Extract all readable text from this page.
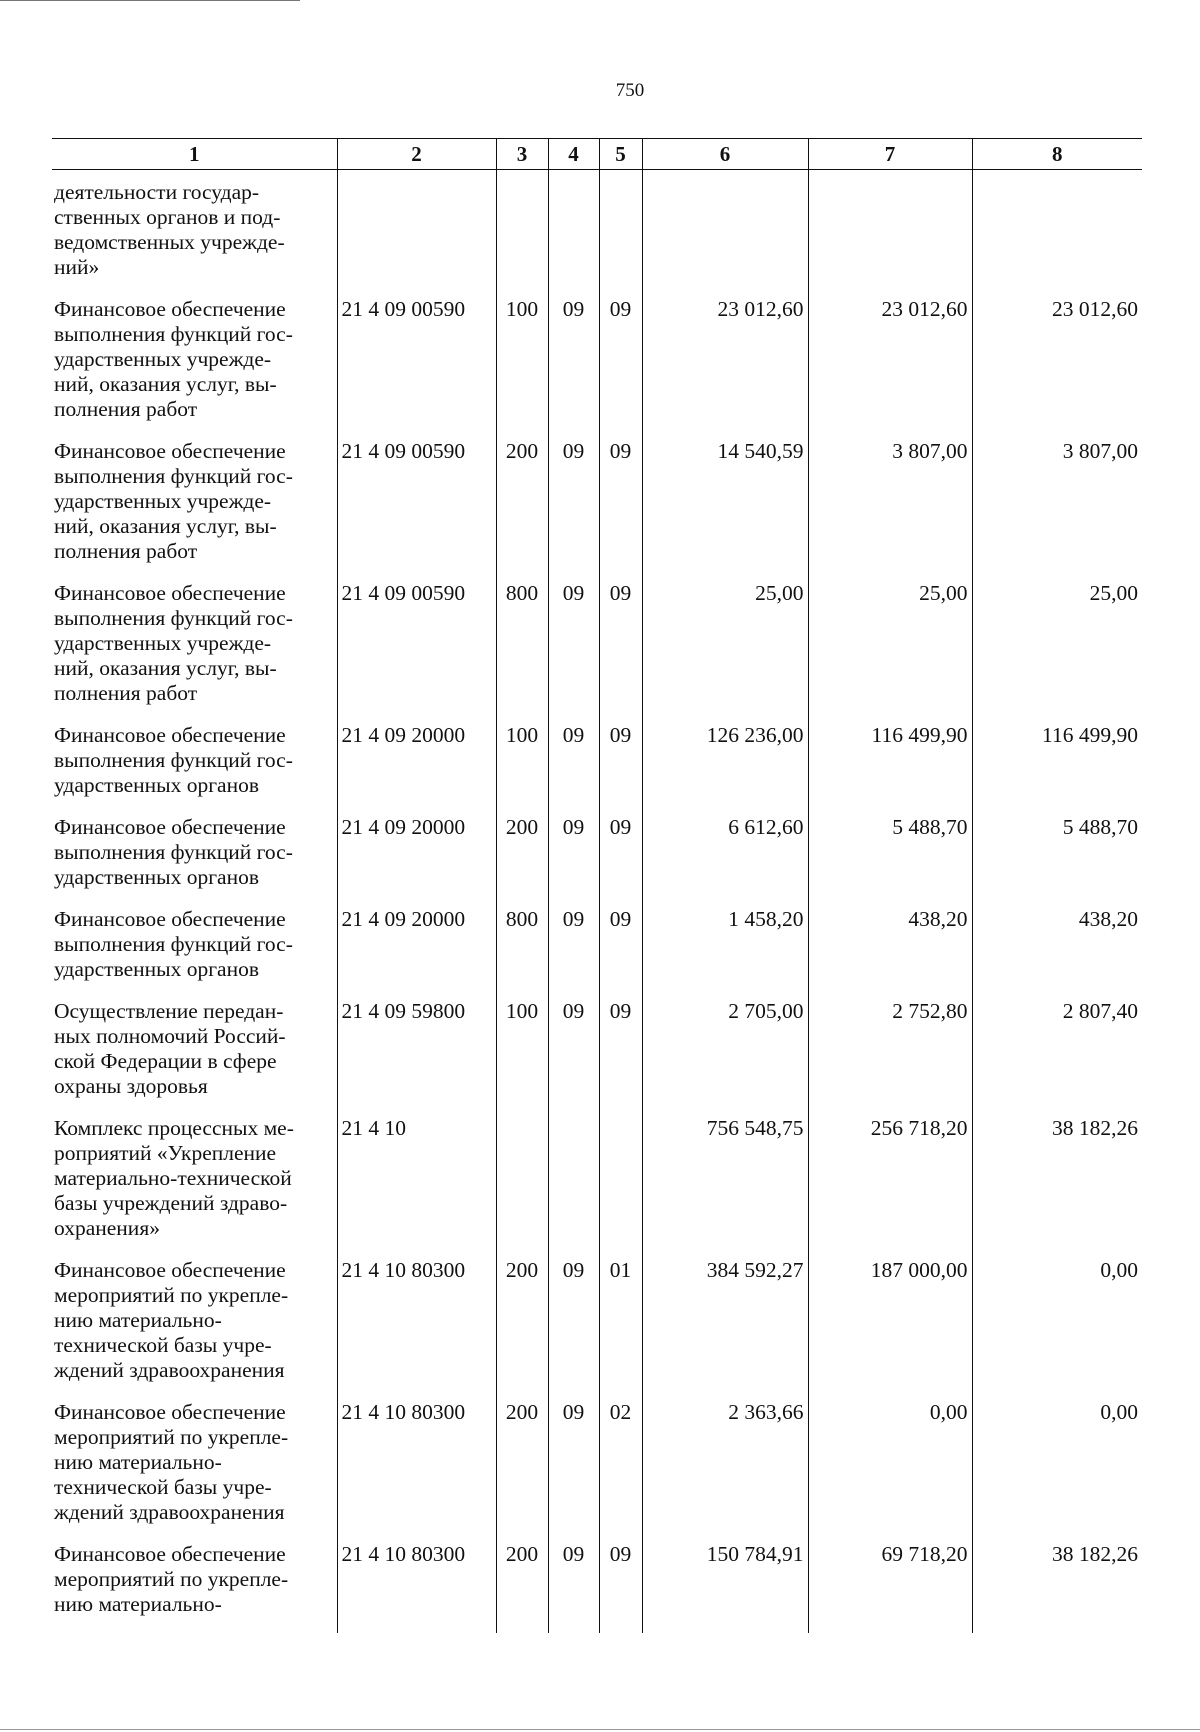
750
1	2	3	4	5	6	7	8
деятельности государ-
ственных органов и под-
ведомственных учрежде-
ний»							
Финансовое обеспечение
выполнения функций гос-
ударственных учрежде-
ний, оказания услуг, вы-
полнения работ	21 4 09 00590	100	09	09	23 012,60	23 012,60	23 012,60
Финансовое обеспечение
выполнения функций гос-
ударственных учрежде-
ний, оказания услуг, вы-
полнения работ	21 4 09 00590	200	09	09	14 540,59	3 807,00	3 807,00
Финансовое обеспечение
выполнения функций гос-
ударственных учрежде-
ний, оказания услуг, вы-
полнения работ	21 4 09 00590	800	09	09	25,00	25,00	25,00
Финансовое обеспечение
выполнения функций гос-
ударственных органов	21 4 09 20000	100	09	09	126 236,00	116 499,90	116 499,90
Финансовое обеспечение
выполнения функций гос-
ударственных органов	21 4 09 20000	200	09	09	6 612,60	5 488,70	5 488,70
Финансовое обеспечение
выполнения функций гос-
ударственных органов	21 4 09 20000	800	09	09	1 458,20	438,20	438,20
Осуществление передан-
ных полномочий Россий-
ской Федерации в сфере
охраны здоровья	21 4 09 59800	100	09	09	2 705,00	2 752,80	2 807,40
Комплекс процессных ме-
роприятий «Укрепление
материально-технической
базы учреждений здраво-
охранения»	21 4 10				756 548,75	256 718,20	38 182,26
Финансовое обеспечение
мероприятий по укрепле-
нию материально-
технической базы учре-
ждений здравоохранения	21 4 10 80300	200	09	01	384 592,27	187 000,00	0,00
Финансовое обеспечение
мероприятий по укрепле-
нию материально-
технической базы учре-
ждений здравоохранения	21 4 10 80300	200	09	02	2 363,66	0,00	0,00
Финансовое обеспечение
мероприятий по укрепле-
нию материально-	21 4 10 80300	200	09	09	150 784,91	69 718,20	38 182,26
